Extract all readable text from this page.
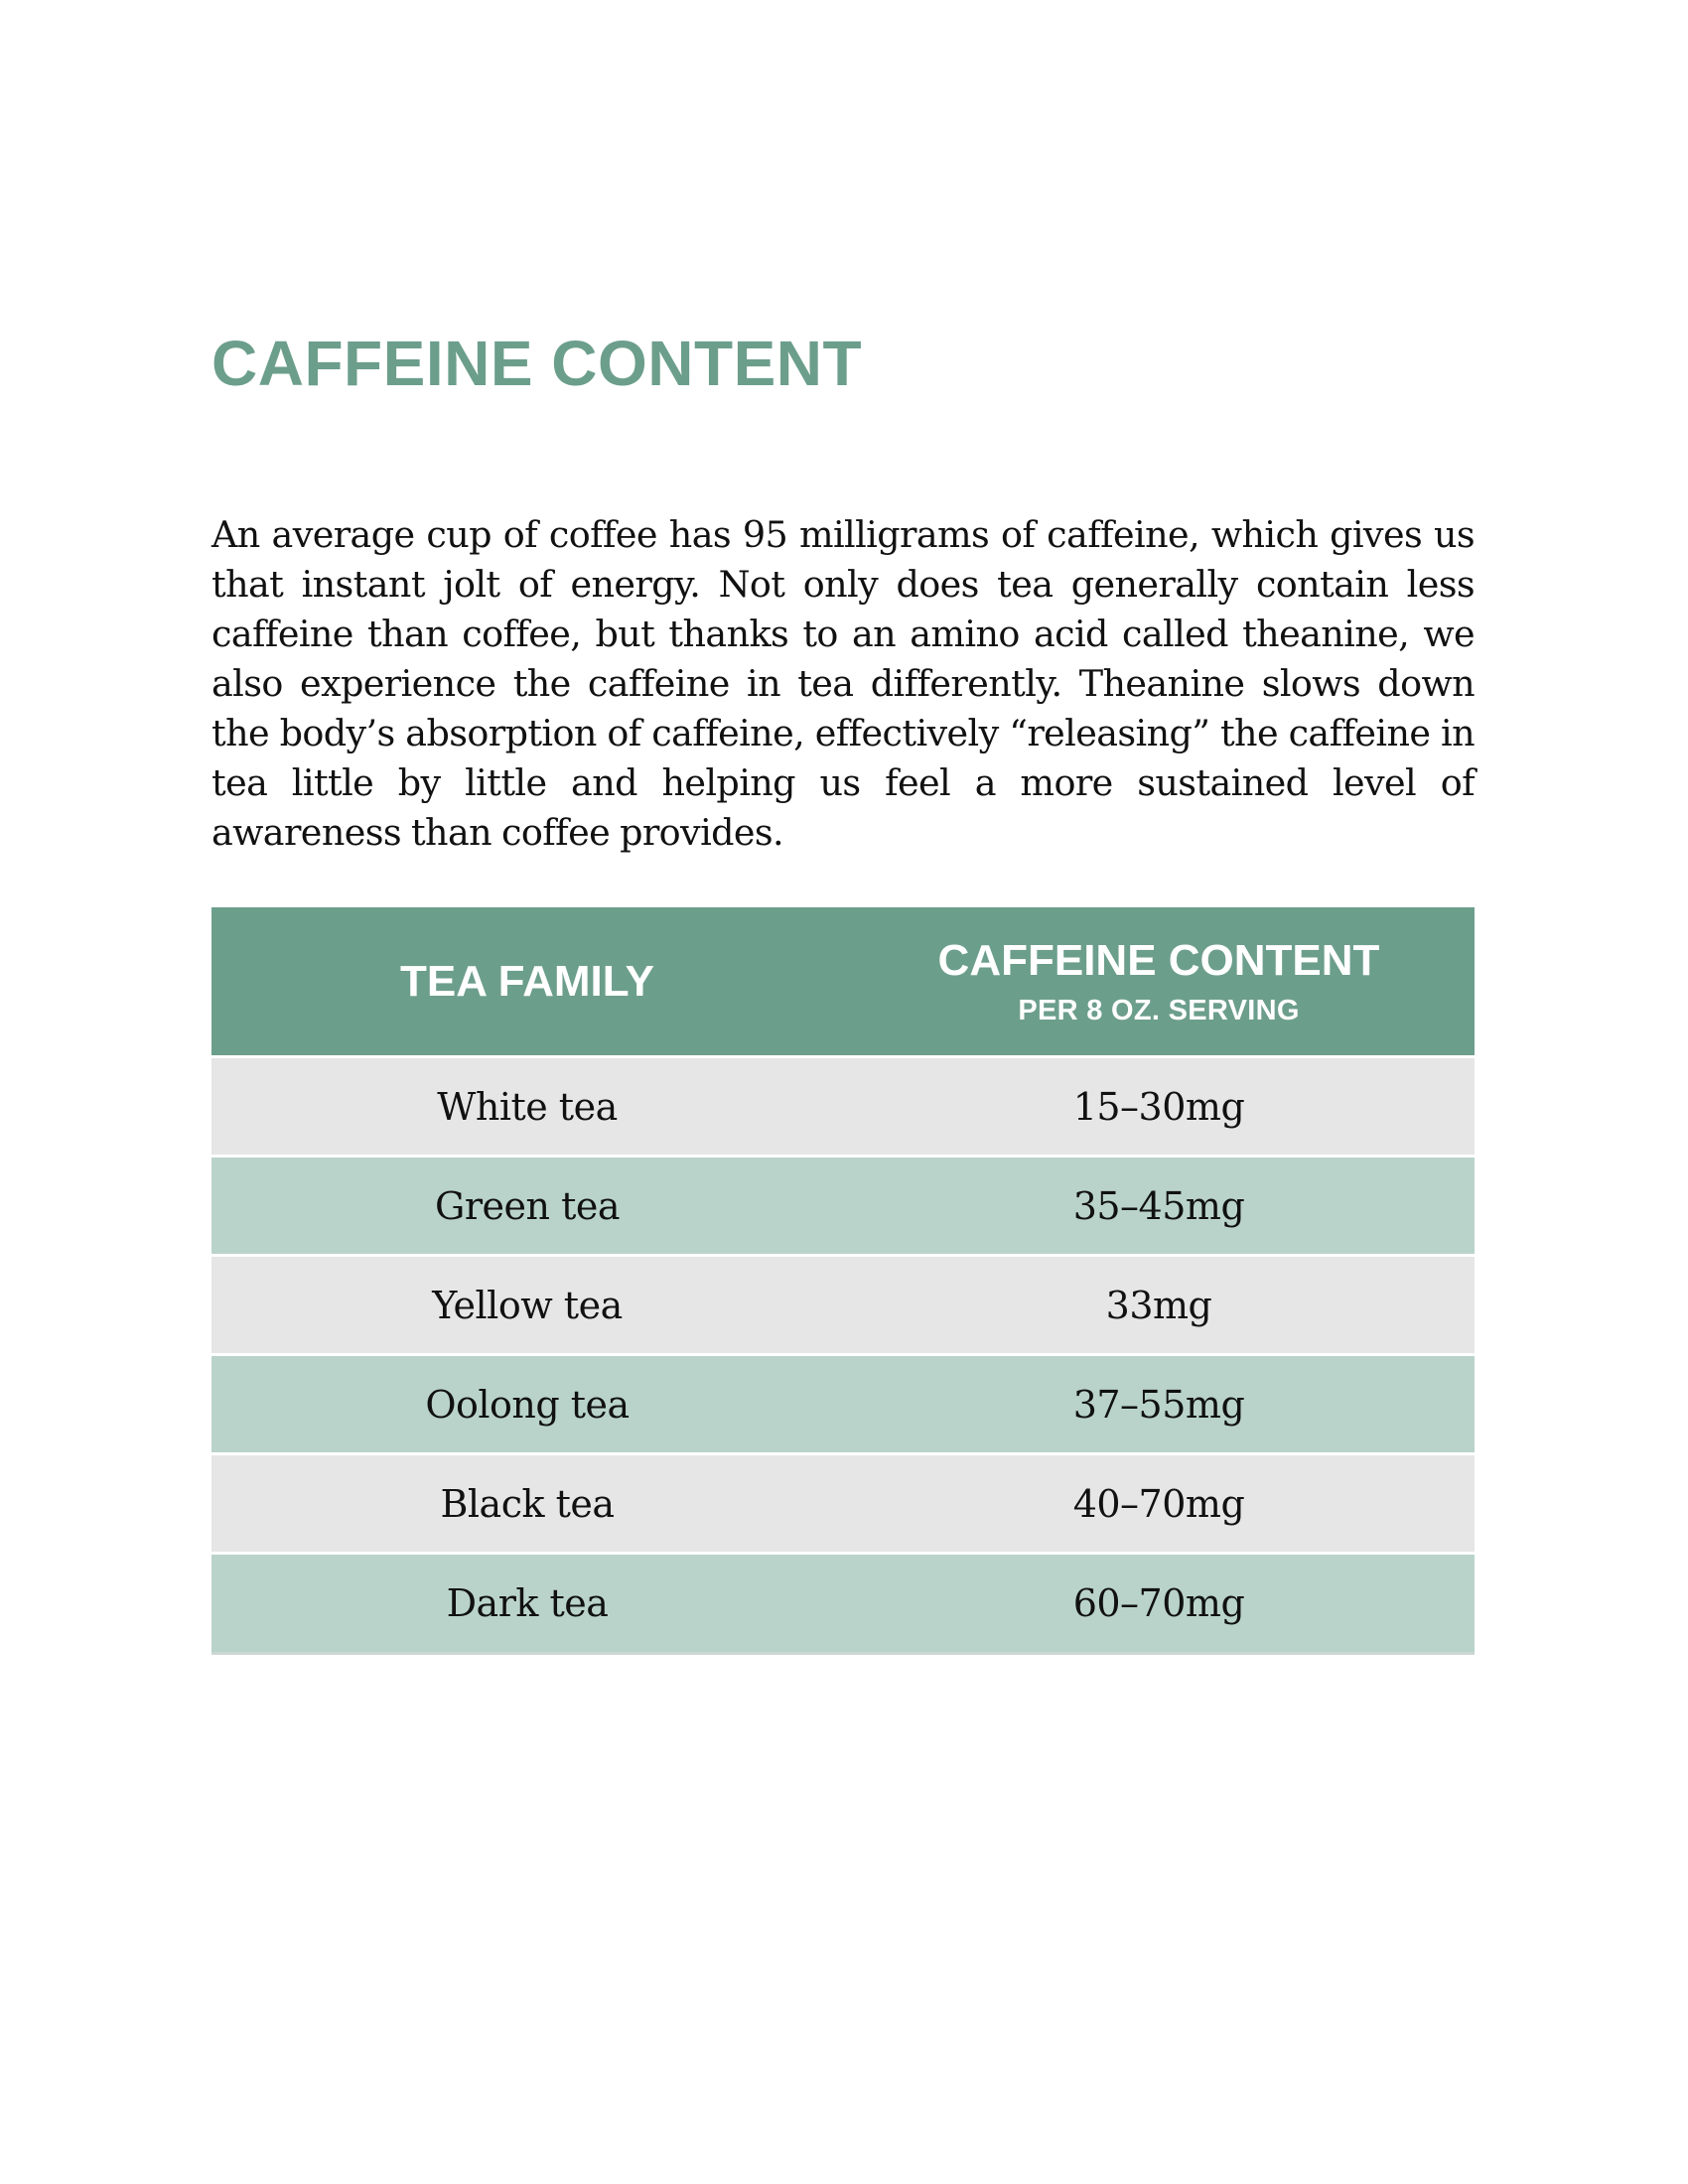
CAFFEINE CONTENT

An average cup of coffee has 95 milligrams of caffeine, which gives us that instant jolt of energy. Not only does tea generally contain less caffeine than coffee, but thanks to an amino acid called theanine, we also experience the caffeine in tea differently. Theanine slows down the body’s absorption of caffeine, effectively “releasing” the caffeine in tea little by little and helping us feel a more sustained level of awareness than coffee provides.

TEA FAMILY	CAFFEINE CONTENT
PER 8 OZ. SERVING
White tea	15–30mg
Green tea	35–45mg
Yellow tea	33mg
Oolong tea	37–55mg
Black tea	40–70mg
Dark tea	60–70mg
